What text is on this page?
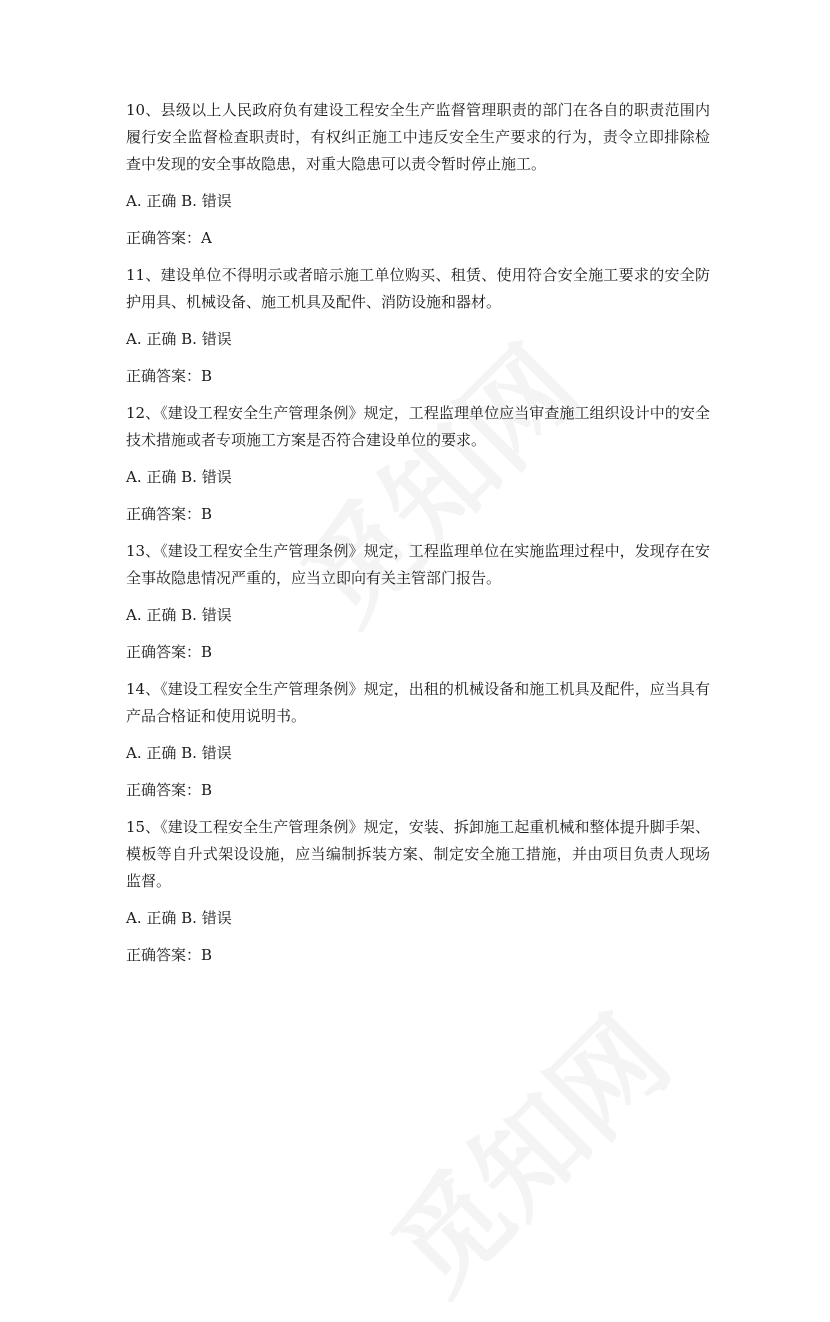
10、县级以上人民政府负有建设工程安全生产监督管理职责的部门在各自的职责范围内履行安全监督检查职责时，有权纠正施工中违反安全生产要求的行为，责令立即排除检查中发现的安全事故隐患，对重大隐患可以责令暂时停止施工。

A. 正确 B. 错误

正确答案：A

11、建设单位不得明示或者暗示施工单位购买、租赁、使用符合安全施工要求的安全防护用具、机械设备、施工机具及配件、消防设施和器材。

A. 正确 B. 错误

正确答案：B

12、《建设工程安全生产管理条例》规定，工程监理单位应当审查施工组织设计中的安全技术措施或者专项施工方案是否符合建设单位的要求。

A. 正确 B. 错误

正确答案：B

13、《建设工程安全生产管理条例》规定，工程监理单位在实施监理过程中，发现存在安全事故隐患情况严重的，应当立即向有关主管部门报告。

A. 正确 B. 错误

正确答案：B

14、《建设工程安全生产管理条例》规定，出租的机械设备和施工机具及配件，应当具有产品合格证和使用说明书。

A. 正确 B. 错误

正确答案：B

15、《建设工程安全生产管理条例》规定，安装、拆卸施工起重机械和整体提升脚手架、模板等自升式架设设施，应当编制拆装方案、制定安全施工措施，并由项目负责人现场监督。

A. 正确 B. 错误

正确答案：B
